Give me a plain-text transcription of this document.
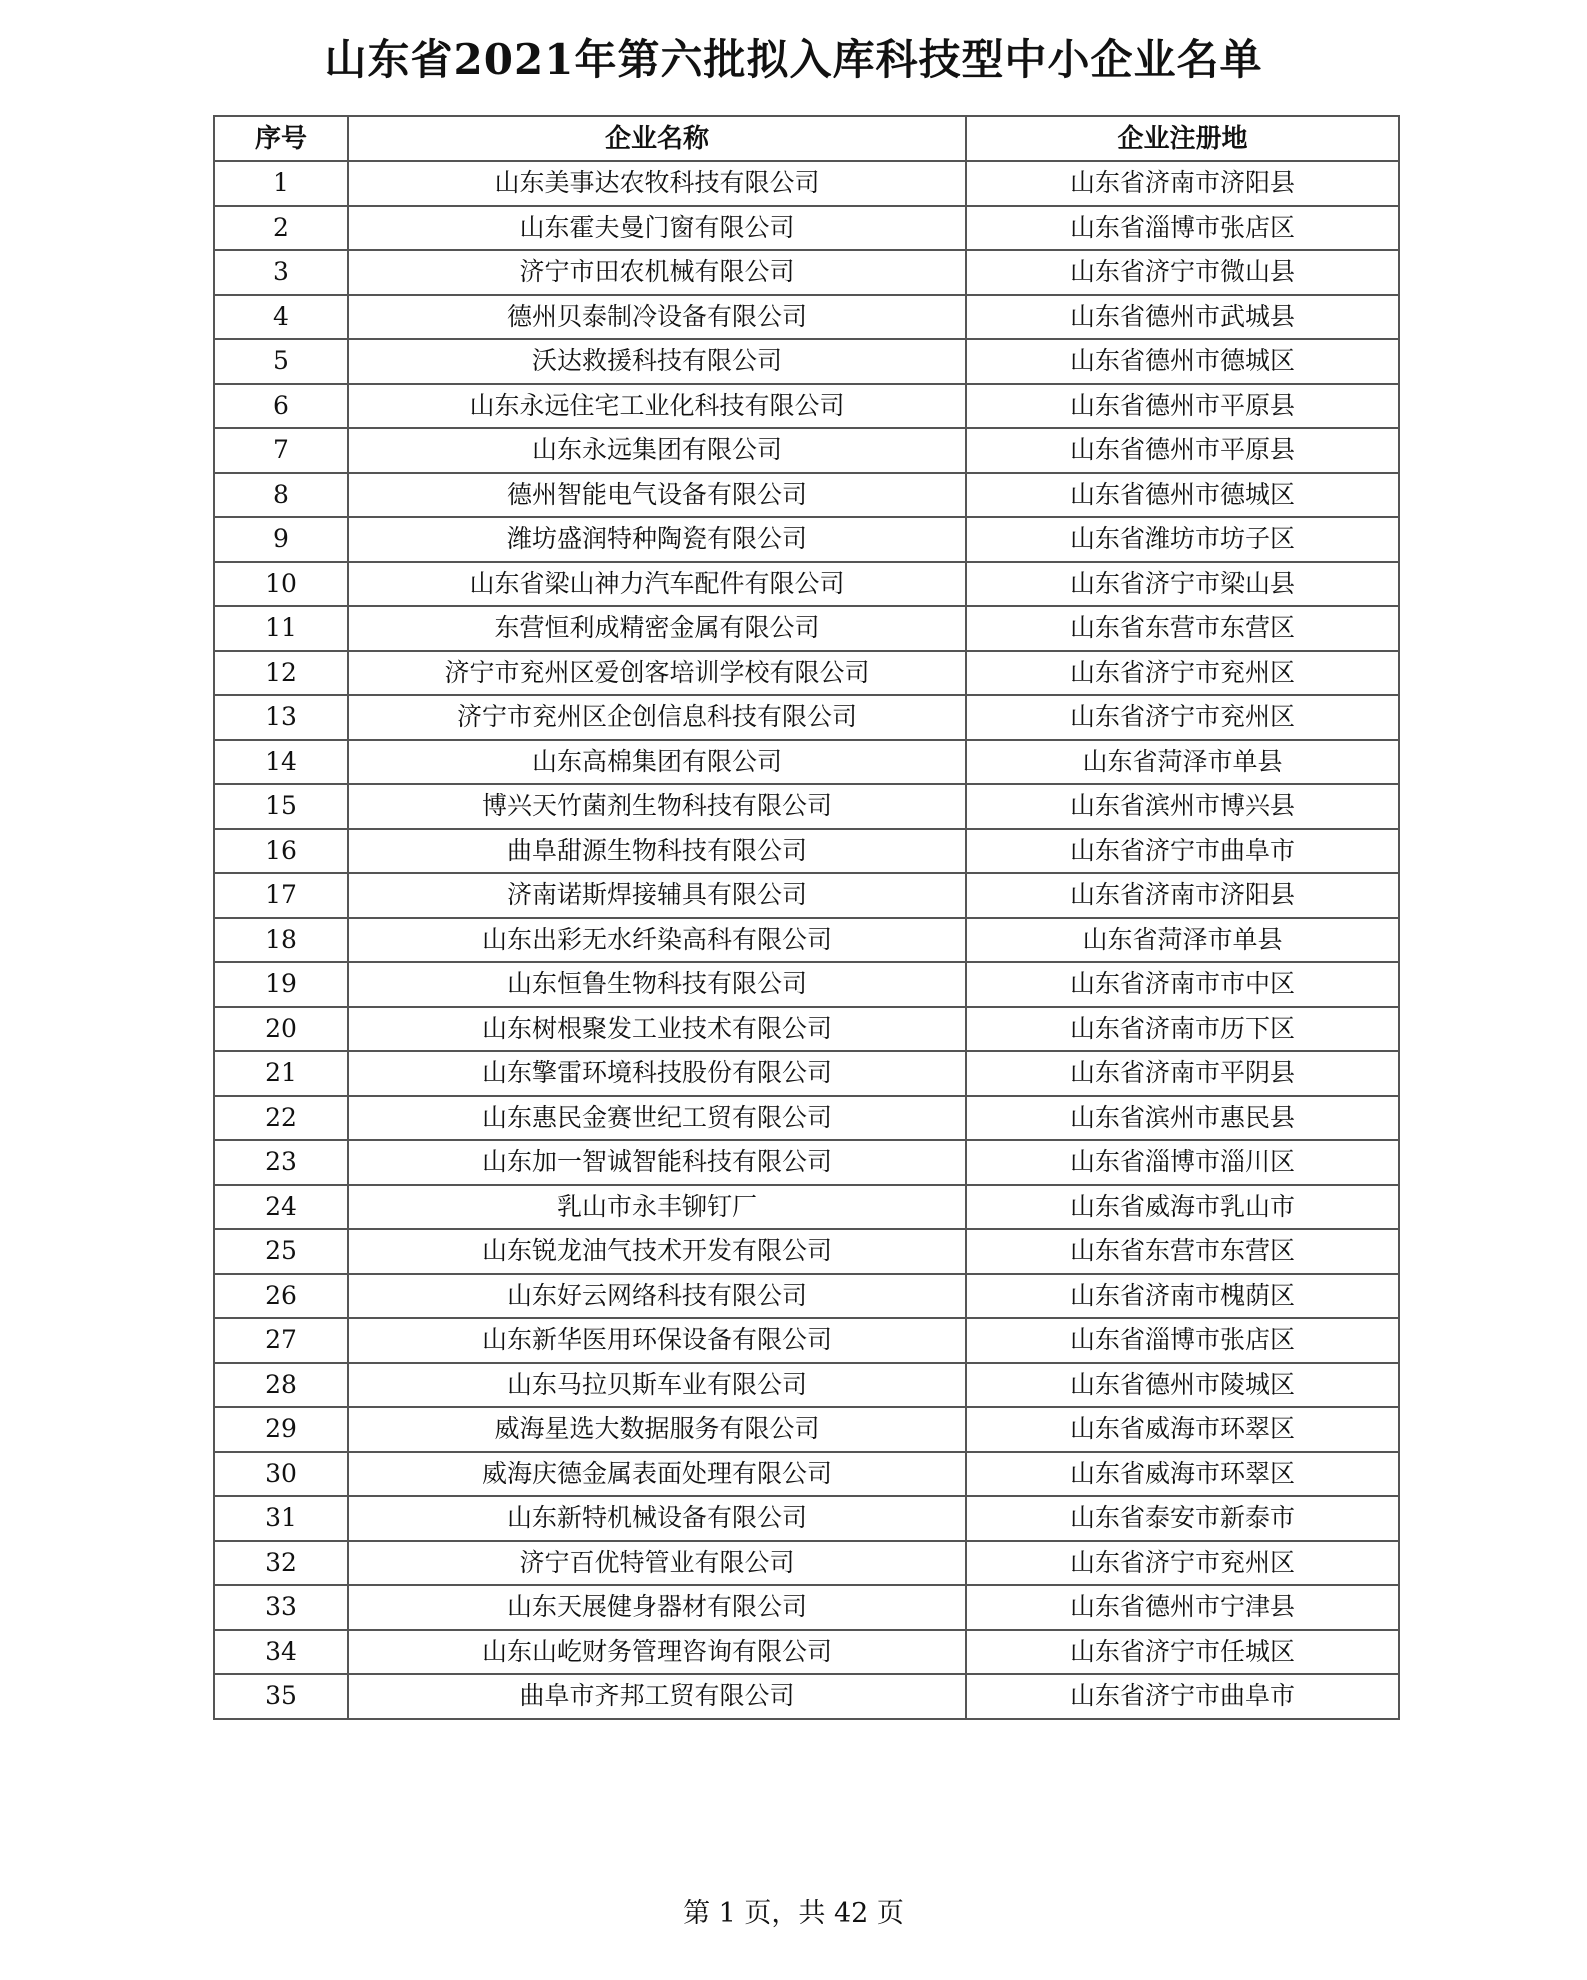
山东省2021年第六批拟入库科技型中小企业名单
序号	企业名称	企业注册地
1	山东美事达农牧科技有限公司	山东省济南市济阳县
2	山东霍夫曼门窗有限公司	山东省淄博市张店区
3	济宁市田农机械有限公司	山东省济宁市微山县
4	德州贝泰制冷设备有限公司	山东省德州市武城县
5	沃达救援科技有限公司	山东省德州市德城区
6	山东永远住宅工业化科技有限公司	山东省德州市平原县
7	山东永远集团有限公司	山东省德州市平原县
8	德州智能电气设备有限公司	山东省德州市德城区
9	潍坊盛润特种陶瓷有限公司	山东省潍坊市坊子区
10	山东省梁山神力汽车配件有限公司	山东省济宁市梁山县
11	东营恒利成精密金属有限公司	山东省东营市东营区
12	济宁市兖州区爱创客培训学校有限公司	山东省济宁市兖州区
13	济宁市兖州区企创信息科技有限公司	山东省济宁市兖州区
14	山东高棉集团有限公司	山东省菏泽市单县
15	博兴天竹菌剂生物科技有限公司	山东省滨州市博兴县
16	曲阜甜源生物科技有限公司	山东省济宁市曲阜市
17	济南诺斯焊接辅具有限公司	山东省济南市济阳县
18	山东出彩无水纤染高科有限公司	山东省菏泽市单县
19	山东恒鲁生物科技有限公司	山东省济南市市中区
20	山东树根聚发工业技术有限公司	山东省济南市历下区
21	山东擎雷环境科技股份有限公司	山东省济南市平阴县
22	山东惠民金赛世纪工贸有限公司	山东省滨州市惠民县
23	山东加一智诚智能科技有限公司	山东省淄博市淄川区
24	乳山市永丰铆钉厂	山东省威海市乳山市
25	山东锐龙油气技术开发有限公司	山东省东营市东营区
26	山东好云网络科技有限公司	山东省济南市槐荫区
27	山东新华医用环保设备有限公司	山东省淄博市张店区
28	山东马拉贝斯车业有限公司	山东省德州市陵城区
29	威海星选大数据服务有限公司	山东省威海市环翠区
30	威海庆德金属表面处理有限公司	山东省威海市环翠区
31	山东新特机械设备有限公司	山东省泰安市新泰市
32	济宁百优特管业有限公司	山东省济宁市兖州区
33	山东天展健身器材有限公司	山东省德州市宁津县
34	山东山屹财务管理咨询有限公司	山东省济宁市任城区
35	曲阜市齐邦工贸有限公司	山东省济宁市曲阜市
第 1 页，共 42 页
